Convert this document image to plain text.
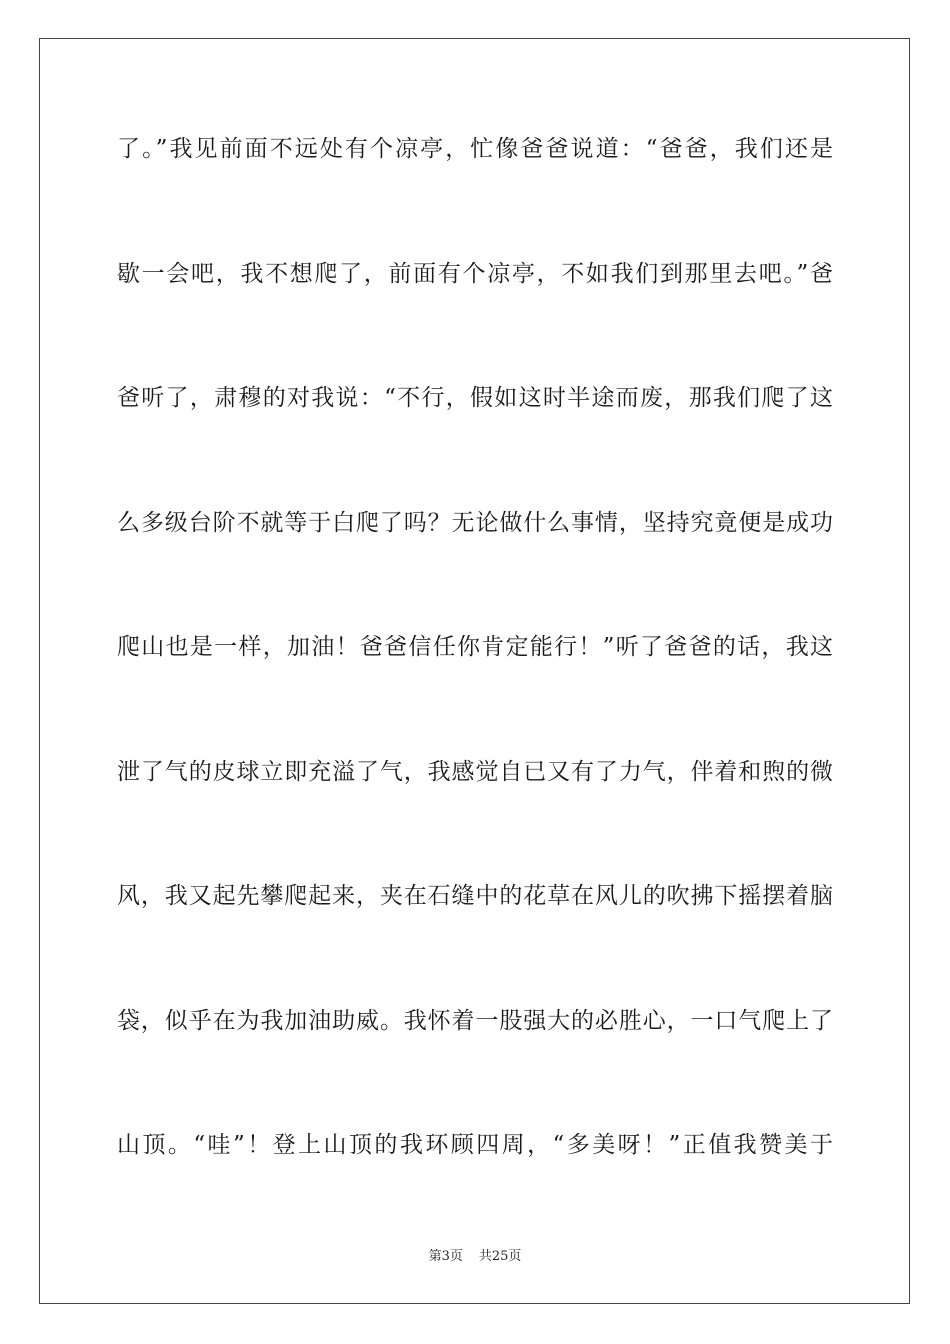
了。”我见前面不远处有个凉亭，忙像爸爸说道：“爸爸，我们还是
歇一会吧，我不想爬了，前面有个凉亭，不如我们到那里去吧。”爸
爸听了，肃穆的对我说：“不行，假如这时半途而废，那我们爬了这
么多级台阶不就等于白爬了吗？无论做什么事情，坚持究竟便是成功
爬山也是一样，加油！爸爸信任你肯定能行！”听了爸爸的话，我这
泄了气的皮球立即充溢了气，我感觉自已又有了力气，伴着和煦的微
风，我又起先攀爬起来，夹在石缝中的花草在风儿的吹拂下摇摆着脑
袋，似乎在为我加油助威。我怀着一股强大的必胜心，一口气爬上了
山顶。“哇”！登上山顶的我环顾四周，“多美呀！”正值我赞美于
第3页 共25页
